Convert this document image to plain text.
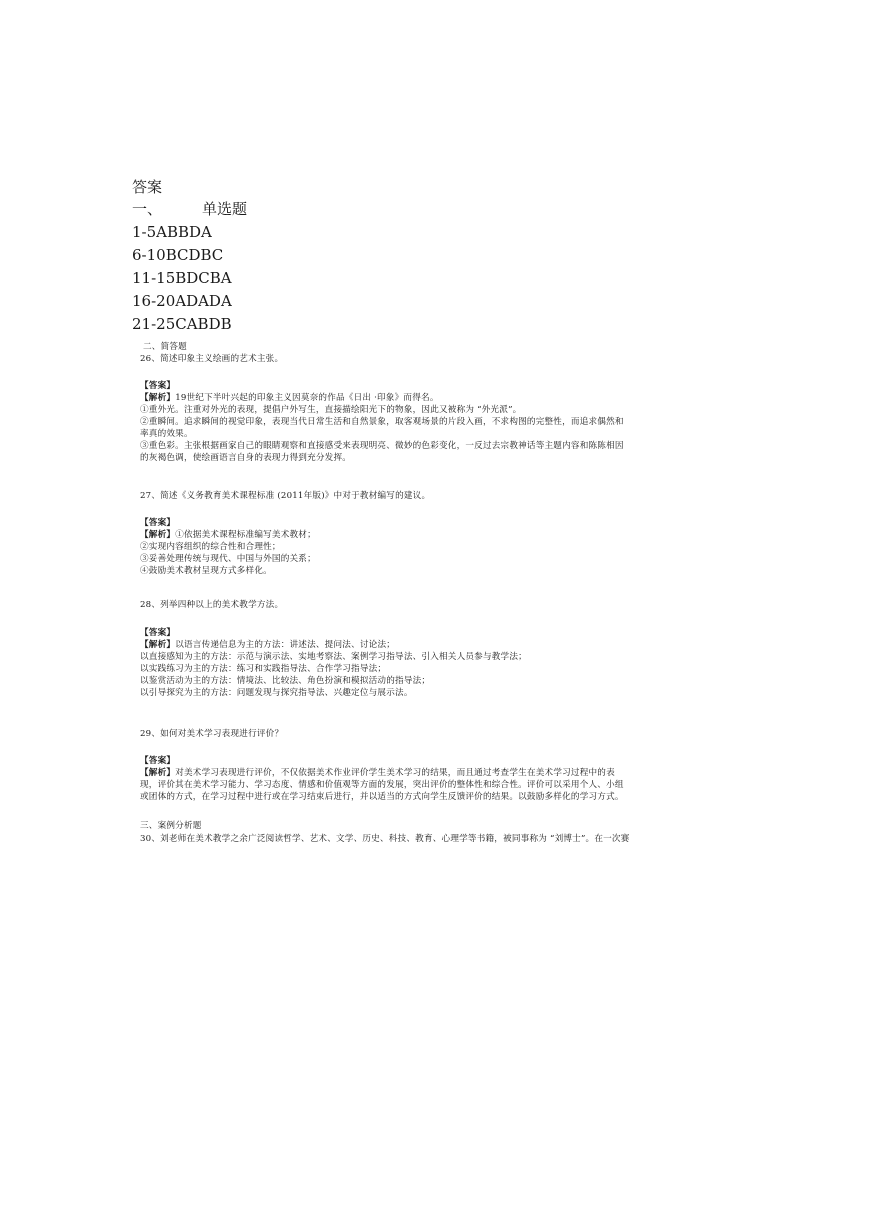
答案
一、	单选题
1-5ABBDA
6-10BCDBC
11-15BDCBA
16-20ADADA
21-25CABDB
二、简答题
26、简述印象主义绘画的艺术主张。
【答案】
【解析】19世纪下半叶兴起的印象主义因莫奈的作品《日出 ·印象》而得名。
①重外光。注重对外光的表现，提倡户外写生，直接描绘阳光下的物象，因此又被称为 “外光派”。
②重瞬间。追求瞬间的视觉印象，表现当代日常生活和自然景象，取客观场景的片段入画，不求构图的完整性，而追求偶然和
率真的效果。
③重色彩。主张根据画家自己的眼睛观察和直接感受来表现明亮、微妙的色彩变化，一反过去宗教神话等主题内容和陈陈相因
的灰褐色调，使绘画语言自身的表现力得到充分发挥。
27、简述《义务教育美术课程标准 (2011年版)》中对于教材编写的建议。
【答案】
【解析】①依据美术课程标准编写美术教材；
②实现内容组织的综合性和合理性；
③妥善处理传统与现代、中国与外国的关系；
④鼓励美术教材呈现方式多样化。
28、列举四种以上的美术教学方法。
【答案】
【解析】以语言传递信息为主的方法：讲述法、提问法、讨论法；
以直接感知为主的方法：示范与演示法、实地考察法、案例学习指导法、引入相关人员参与教学法；
以实践练习为主的方法：练习和实践指导法、合作学习指导法；
以鉴赏活动为主的方法：情境法、比较法、角色扮演和模拟活动的指导法；
以引导探究为主的方法：问题发现与探究指导法、兴趣定位与展示法。
29、如何对美术学习表现进行评价？
【答案】
【解析】对美术学习表现进行评价，不仅依据美术作业评价学生美术学习的结果，而且通过考查学生在美术学习过程中的表
现，评价其在美术学习能力、学习态度、情感和价值观等方面的发展，突出评价的整体性和综合性。评价可以采用个人、小组
或团体的方式，在学习过程中进行或在学习结束后进行，并以适当的方式向学生反馈评价的结果。以鼓励多样化的学习方式。
三、案例分析题
30、刘老师在美术教学之余广泛阅读哲学、艺术、文学、历史、科技、教育、心理学等书籍，被同事称为 “刘博士”。在一次赛
